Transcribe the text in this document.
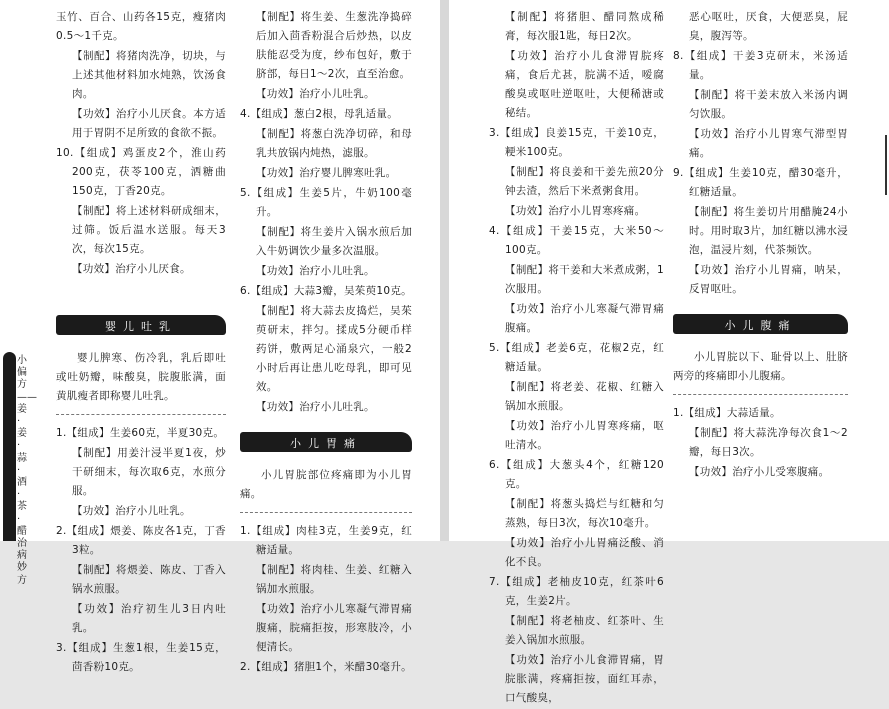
小偏方——姜·姜·蒜·酒·茶·醋治病妙方

玉竹、百合、山药各15克，瘦猪肉0.5～1千克。

【制配】将猪肉洗净，切块，与上述其他材料加水炖熟，饮汤食肉。

【功效】治疗小儿厌食。本方适用于胃阴不足所致的食欲不振。

10.【组成】鸡蛋皮2个，淮山药200克，茯苓100克，洒糖曲150克，丁香20克。

【制配】将上述材料研成细末，过筛。饭后温水送服。每天3次，每次15克。

【功效】治疗小儿厌食。

婴儿吐乳

婴儿脾寒、伤冷乳，乳后即吐或吐奶瓣，味酸臭，脘腹胀满，面黄肌瘦者即称婴儿吐乳。

1.【组成】生姜60克，半夏30克。

【制配】用姜汁浸半夏1夜，炒干研细末，每次取6克，水煎分服。

【功效】治疗小儿吐乳。

2.【组成】煨姜、陈皮各1克，丁香3粒。

【制配】将煨姜、陈皮、丁香入锅水煎服。

【功效】治疗初生儿3日内吐乳。

3.【组成】生葱1根，生姜15克，茴香粉10克。

【制配】将生姜、生葱洗净捣碎后加入茴香粉混合后炒热，以皮肤能忍受为度，纱布包好，敷于脐部，每日1～2次，直至治愈。

【功效】治疗小儿吐乳。

4.【组成】葱白2根，母乳适量。

【制配】将葱白洗净切碎，和母乳共放锅内炖热，滤服。

【功效】治疗婴儿脾寒吐乳。

5.【组成】生姜5片，牛奶100毫升。

【制配】将生姜片入锅水煎后加入牛奶调饮少量多次温服。

【功效】治疗小儿吐乳。

6.【组成】大蒜3瓣，吴茱萸10克。

【制配】将大蒜去皮捣烂，吴茱萸研末，拌匀。揉成5分硬币样药饼，敷两足心涌泉穴，一般2小时后再让患儿吃母乳，即可见效。

【功效】治疗小儿吐乳。

小儿胃痛

小儿胃脘部位疼痛即为小儿胃痛。

1.【组成】肉桂3克，生姜9克，红糖适量。

【制配】将肉桂、生姜、红糖入锅加水煎服。

【功效】治疗小儿寒凝气滞胃痛腹痛，脘痛拒按，形寒肢冷，小便清长。

2.【组成】猪胆1个，米醋30毫升。

【制配】将猪胆、醋同熬成稀膏，每次服1匙，每日2次。

【功效】治疗小儿食滞胃脘疼痛，食后尤甚，脘满不适，嗳腐酸臭或呕吐逆呕吐，大便稀溏或秘结。

3.【组成】良姜15克，干姜10克，粳米100克。

【制配】将良姜和干姜先煎20分钟去渣，然后下米煮粥食用。

【功效】治疗小儿胃寒疼痛。

4.【组成】干姜15克，大米50～100克。

【制配】将干姜和大米煮成粥，1次服用。

【功效】治疗小儿寒凝气滞胃痛腹痛。

5.【组成】老姜6克，花椒2克，红糖适量。

【制配】将老姜、花椒、红糖入锅加水煎服。

【功效】治疗小儿胃寒疼痛，呕吐清水。

6.【组成】大葱头4个，红糖120克。

【制配】将葱头捣烂与红糖和匀蒸熟，每日3次，每次10毫升。

【功效】治疗小儿胃痛泛酸、消化不良。

7.【组成】老柚皮10克，红茶叶6克，生姜2片。

【制配】将老柚皮、红茶叶、生姜入锅加水煎服。

【功效】治疗小儿食滞胃痛，胃脘胀满，疼痛拒按，面红耳赤，口气酸臭，

恶心呕吐，厌食，大便恶臭，屁臭，腹泻等。

8.【组成】干姜3克研末，米汤适量。

【制配】将干姜末放入米汤内调匀饮服。

【功效】治疗小儿胃寒气滞型胃痛。

9.【组成】生姜10克，醋30毫升，红糖适量。

【制配】将生姜切片用醋腌24小时。用时取3片，加红糖以沸水浸泡，温浸片刻，代茶频饮。

【功效】治疗小儿胃痛，呐呆，反胃呕吐。

小儿腹痛

小儿胃脘以下、耻骨以上、肚脐两旁的疼痛即小儿腹痛。

1.【组成】大蒜适量。

【制配】将大蒜洗净每次食1～2瓣，每日3次。

【功效】治疗小儿受寒腹痛。
